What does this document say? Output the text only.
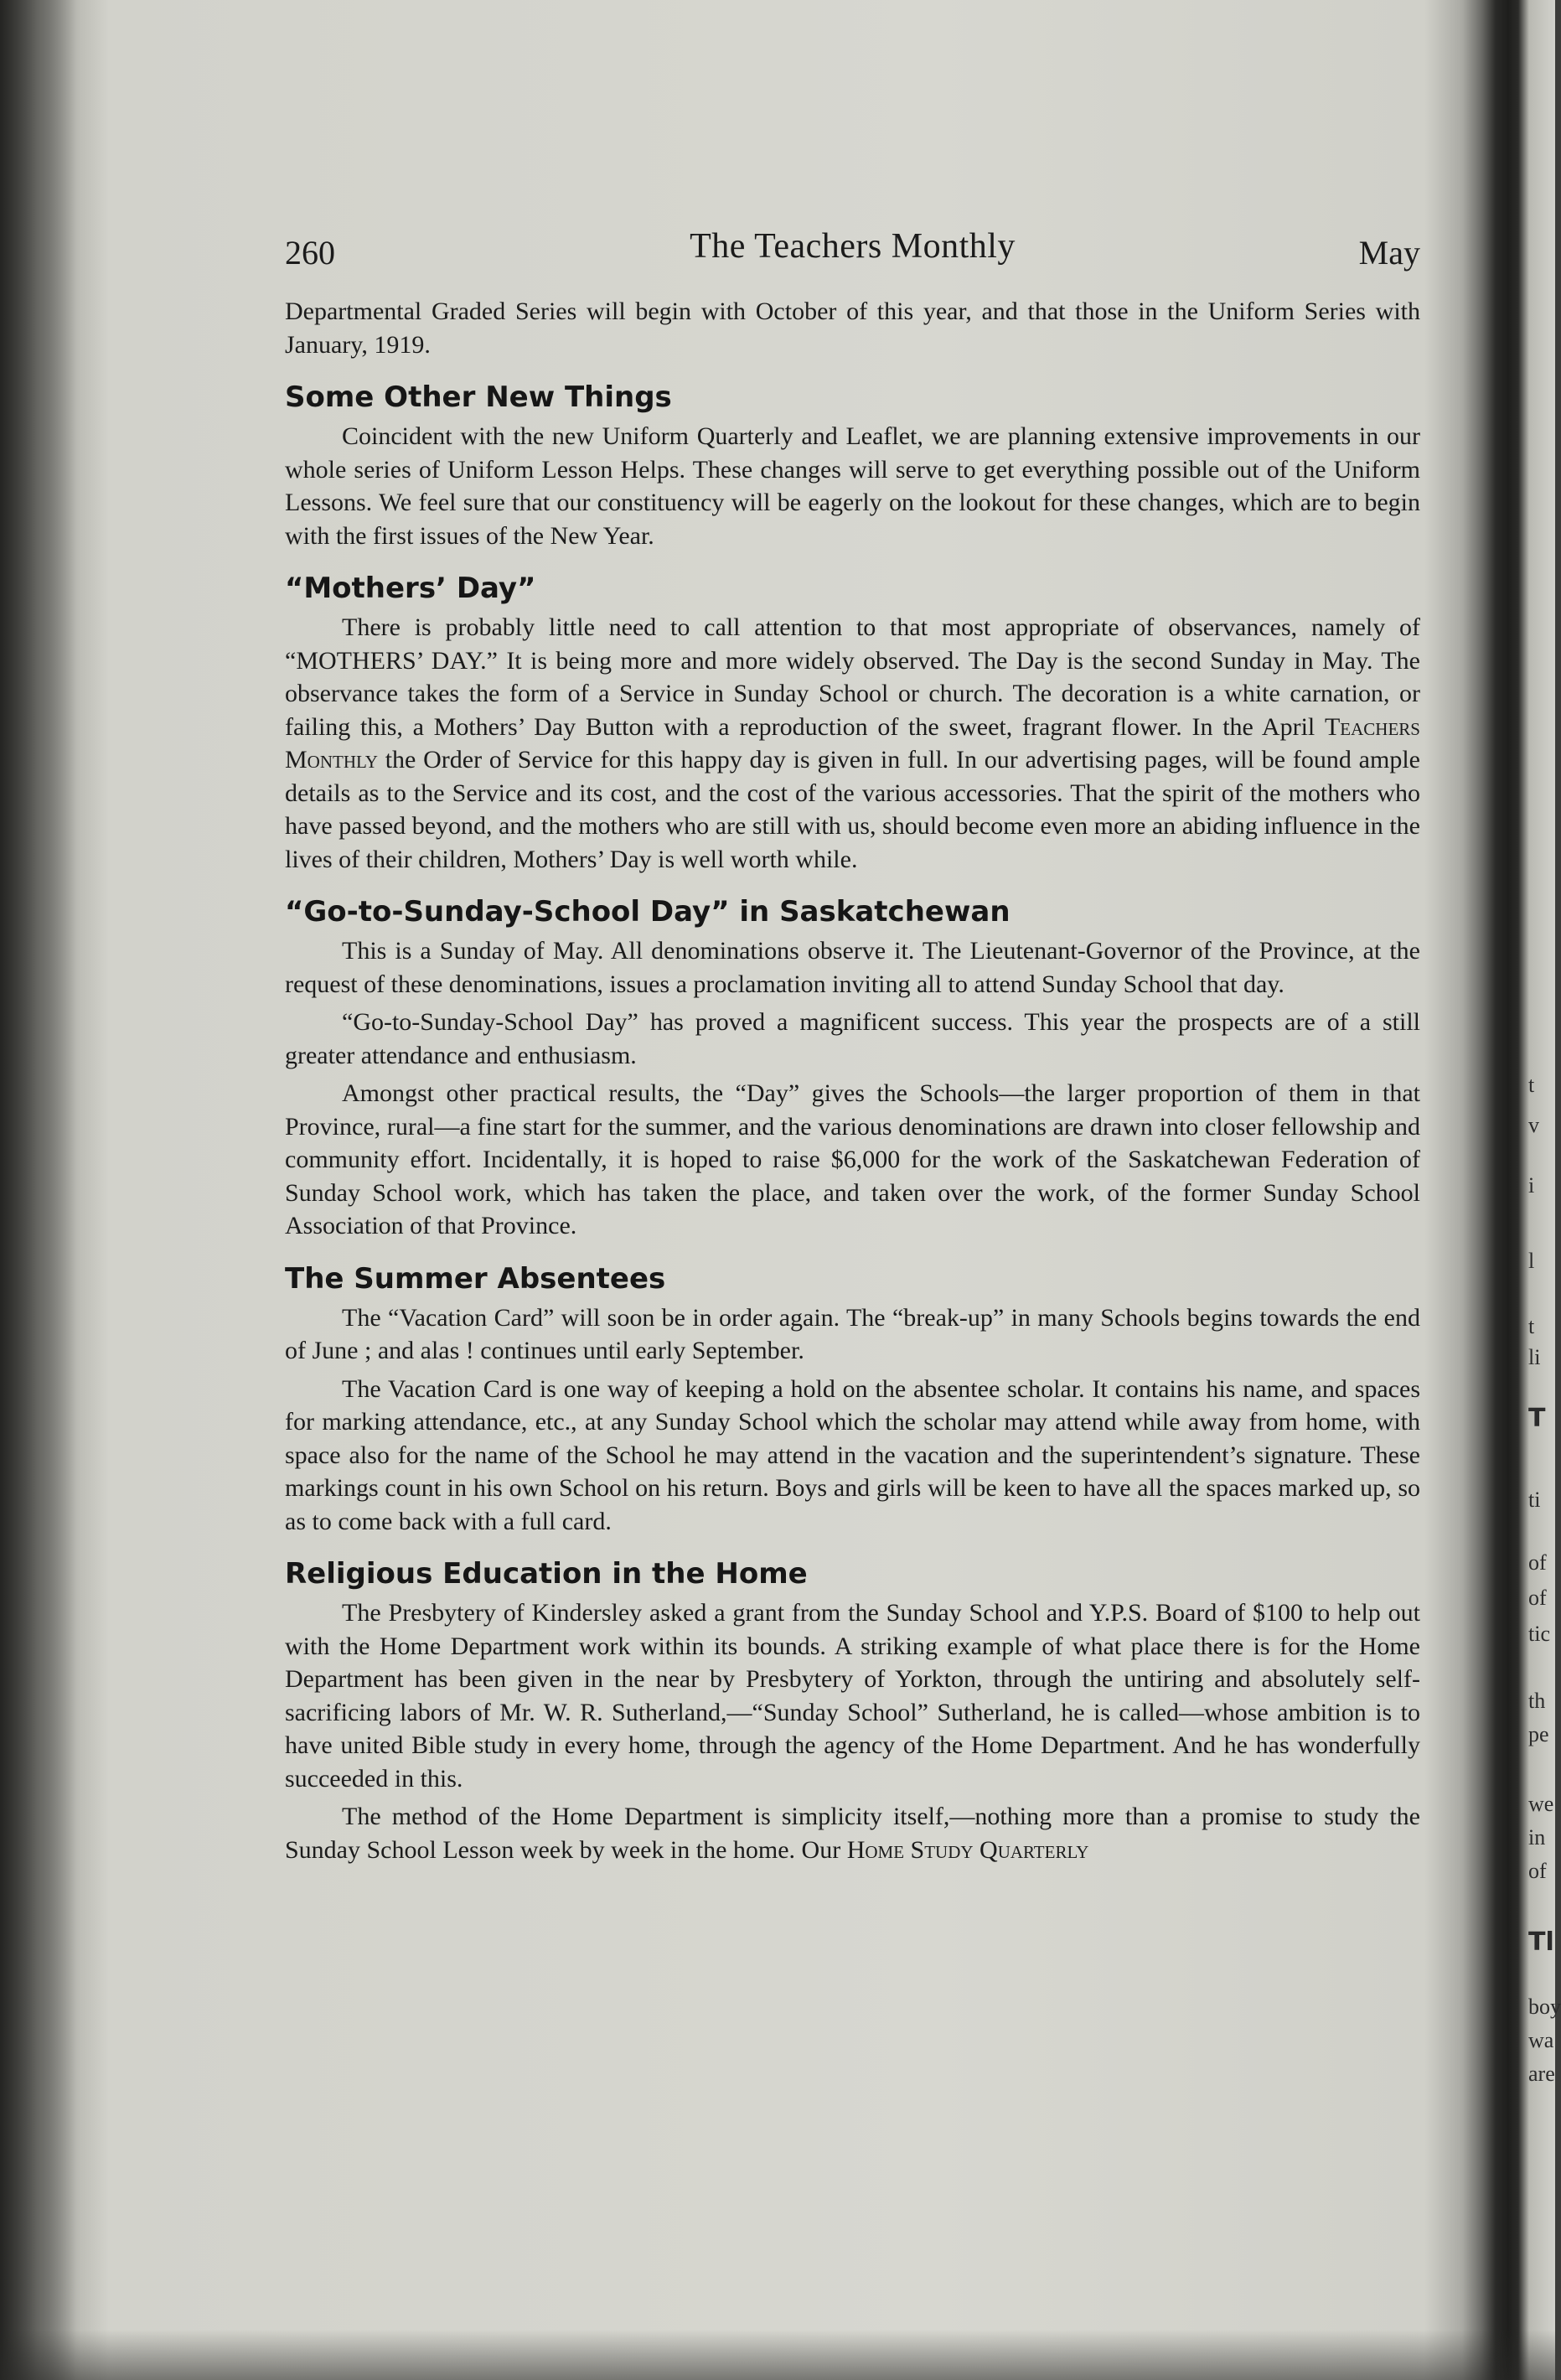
260	The Teachers Monthly	May

Departmental Graded Series will begin with October of this year, and that those in the Uniform Series with January, 1919.

Some Other New Things

Coincident with the new Uniform Quarterly and Leaflet, we are planning extensive improvements in our whole series of Uniform Lesson Helps. These changes will serve to get everything possible out of the Uniform Lessons. We feel sure that our constituency will be eagerly on the lookout for these changes, which are to begin with the first issues of the New Year.

“Mothers’ Day”

There is probably little need to call attention to that most appropriate of observances, namely of “MOTHERS’ DAY.” It is being more and more widely observed. The Day is the second Sunday in May. The observance takes the form of a Service in Sunday School or church. The decoration is a white carnation, or failing this, a Mothers’ Day Button with a reproduction of the sweet, fragrant flower. In the April Teachers Monthly the Order of Service for this happy day is given in full. In our advertising pages, will be found ample details as to the Service and its cost, and the cost of the various accessories. That the spirit of the mothers who have passed beyond, and the mothers who are still with us, should become even more an abiding influence in the lives of their children, Mothers’ Day is well worth while.

“Go-to-Sunday-School Day” in Saskatchewan

This is a Sunday of May. All denominations observe it. The Lieutenant-Governor of the Province, at the request of these denominations, issues a proclamation inviting all to attend Sunday School that day.

“Go-to-Sunday-School Day” has proved a magnificent success. This year the prospects are of a still greater attendance and enthusiasm.

Amongst other practical results, the “Day” gives the Schools—the larger proportion of them in that Province, rural—a fine start for the summer, and the various denominations are drawn into closer fellowship and community effort. Incidentally, it is hoped to raise $6,000 for the work of the Saskatchewan Federation of Sunday School work, which has taken the place, and taken over the work, of the former Sunday School Association of that Province.

The Summer Absentees

The “Vacation Card” will soon be in order again. The “break-up” in many Schools begins towards the end of June ; and alas ! continues until early September.

The Vacation Card is one way of keeping a hold on the absentee scholar. It contains his name, and spaces for marking attendance, etc., at any Sunday School which the scholar may attend while away from home, with space also for the name of the School he may attend in the vacation and the superintendent’s signature. These markings count in his own School on his return. Boys and girls will be keen to have all the spaces marked up, so as to come back with a full card.

Religious Education in the Home

The Presbytery of Kindersley asked a grant from the Sunday School and Y.P.S. Board of $100 to help out with the Home Department work within its bounds. A striking example of what place there is for the Home Department has been given in the near by Presbytery of Yorkton, through the untiring and absolutely self-sacrificing labors of Mr. W. R. Sutherland,—“Sunday School” Sutherland, he is called—whose ambition is to have united Bible study in every home, through the agency of the Home Department. And he has wonderfully succeeded in this.

The method of the Home Department is simplicity itself,—nothing more than a promise to study the Sunday School Lesson week by week in the home. Our Home Study Quarterly

t
v
i
l
t
li
T
ti
of
of
tic
th
pe
we
in
of
Tl
boy
wa
are
